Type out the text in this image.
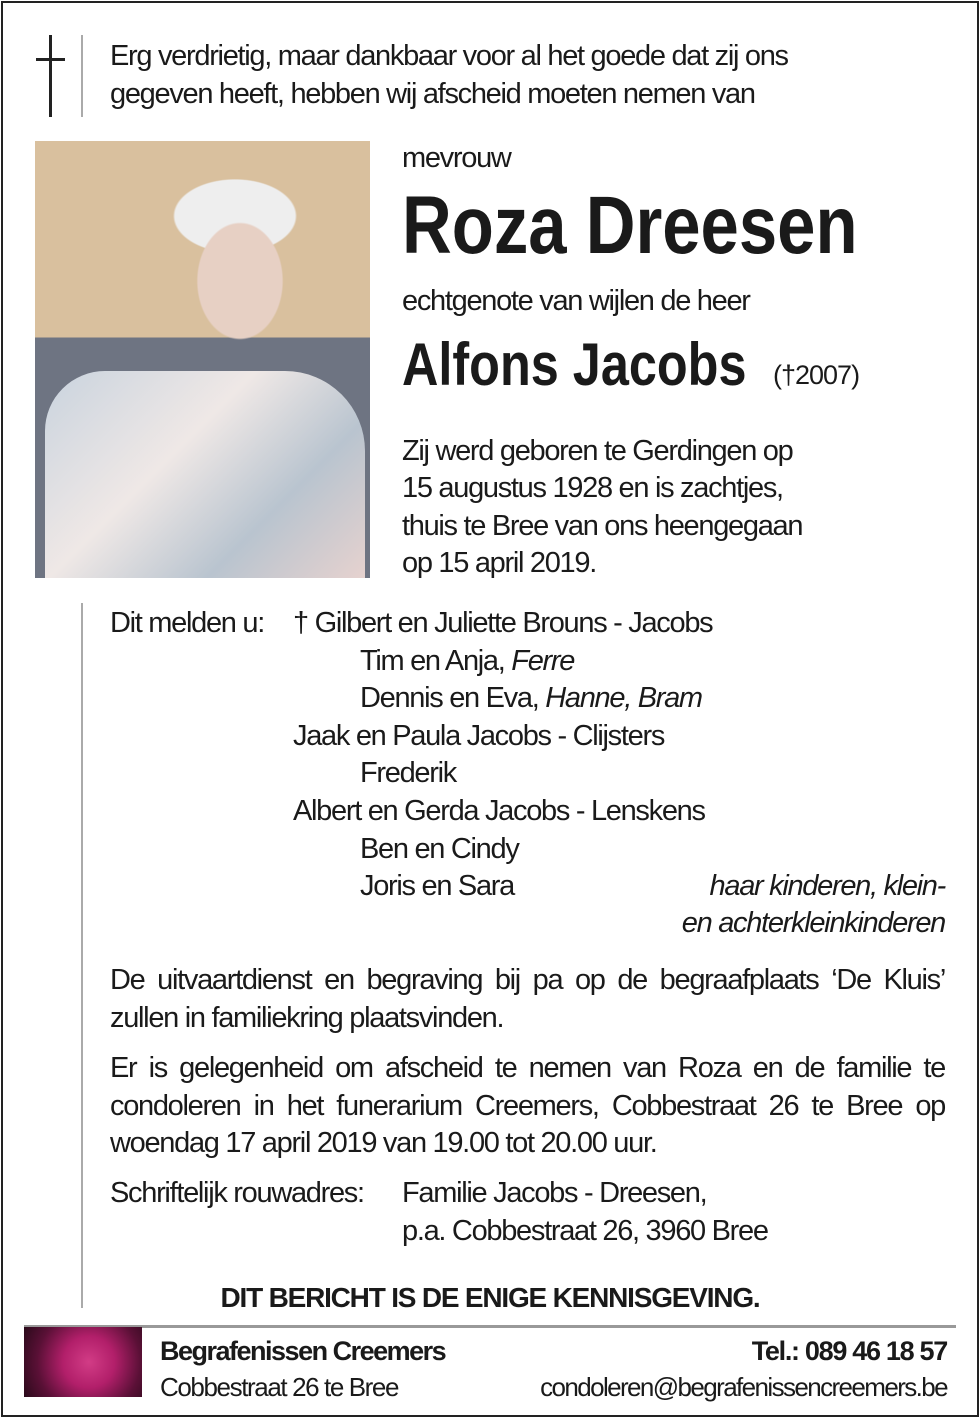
Erg verdrietig, maar dankbaar voor al het goede dat zij ons
gegeven heeft, hebben wij afscheid moeten nemen van
mevrouw
Roza Dreesen
echtgenote van wijlen de heer
Alfons Jacobs (†2007)
Zij werd geboren te Gerdingen op
15 augustus 1928 en is zachtjes,
thuis te Bree van ons heengegaan
op 15 april 2019.
Dit melden u: † Gilbert en Juliette Brouns - Jacobs
Tim en Anja, Ferre
Dennis en Eva, Hanne, Bram
Jaak en Paula Jacobs - Clijsters
Frederik
Albert en Gerda Jacobs - Lenskens
Ben en Cindy
Joris en Sara	haar kinderen, klein-
en achterkleinkinderen
De uitvaartdienst en begraving bij pa op de begraafplaats ‘De Kluis’ zullen in familiekring plaatsvinden.
Er is gelegenheid om afscheid te nemen van Roza en de familie te condoleren in het funerarium Creemers, Cobbestraat 26 te Bree op woendag 17 april 2019 van 19.00 tot 20.00 uur.
Schriftelijk rouwadres: Familie Jacobs - Dreesen,
p.a. Cobbestraat 26, 3960 Bree
DIT BERICHT IS DE ENIGE KENNISGEVING.
Begrafenissen Creemers
Cobbestraat 26 te Bree
Tel.: 089 46 18 57
condoleren@begrafenissencreemers.be
